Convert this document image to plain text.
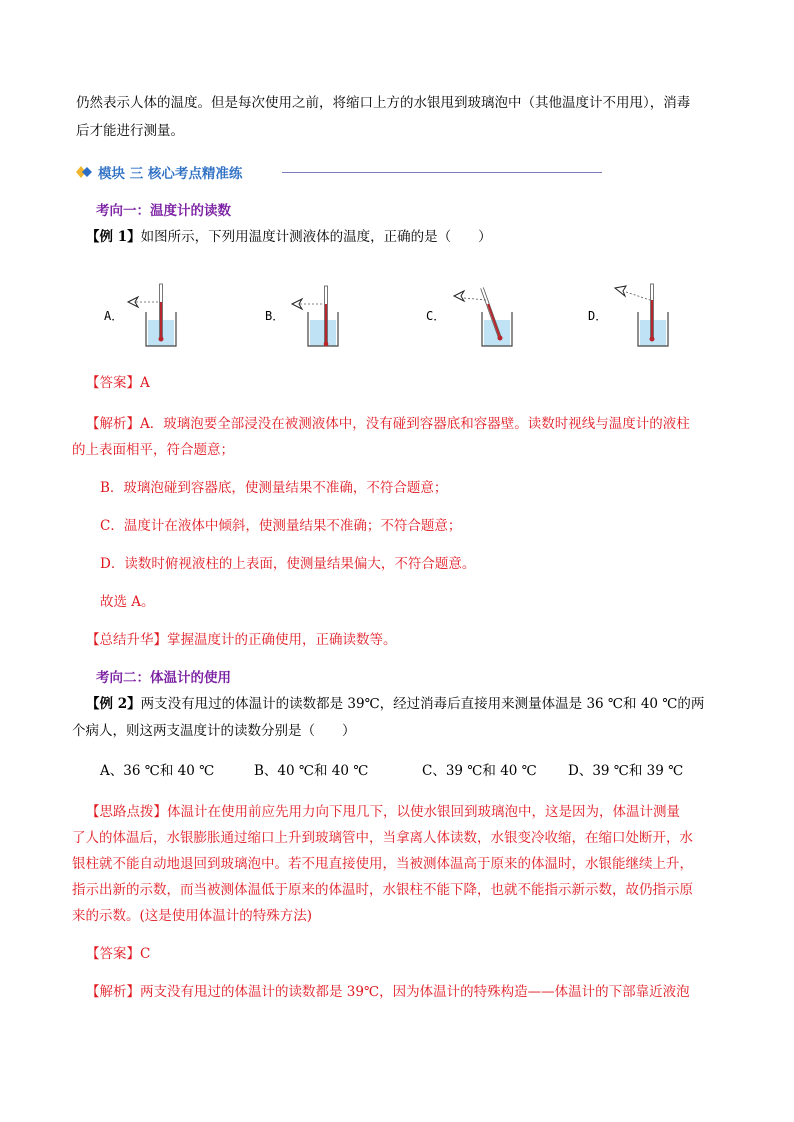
仍然表示人体的温度。但是每次使用之前，将缩口上方的水银甩到玻璃泡中（其他温度计不用甩），消毒
后才能进行测量。
模块 三 核心考点精准练
考向一：温度计的读数
【例 1】如图所示，下列用温度计测液体的温度，正确的是（　　）
A．	B．	C．	D．
【答案】A
【解析】A．玻璃泡要全部浸没在被测液体中，没有碰到容器底和容器壁。读数时视线与温度计的液柱
的上表面相平，符合题意；
B．玻璃泡碰到容器底，使测量结果不准确，不符合题意；
C．温度计在液体中倾斜，使测量结果不准确；不符合题意；
D．读数时俯视液柱的上表面，使测量结果偏大，不符合题意。
故选 A。
【总结升华】掌握温度计的正确使用，正确读数等。
考向二：体温计的使用
【例 2】两支没有甩过的体温计的读数都是 39℃，经过消毒后直接用来测量体温是 36 ℃和 40 ℃的两
个病人，则这两支温度计的读数分别是（　　）
A、36 ℃和 40 ℃	B、40 ℃和 40 ℃	C、39 ℃和 40 ℃ D、39 ℃和 39 ℃
【思路点拨】体温计在使用前应先用力向下甩几下，以使水银回到玻璃泡中，这是因为，体温计测量
了人的体温后，水银膨胀通过缩口上升到玻璃管中，当拿离人体读数，水银变冷收缩，在缩口处断开，水
银柱就不能自动地退回到玻璃泡中。若不甩直接使用，当被测体温高于原来的体温时，水银能继续上升，
指示出新的示数，而当被测体温低于原来的体温时，水银柱不能下降，也就不能指示新示数，故仍指示原
来的示数。(这是使用体温计的特殊方法)
【答案】C
【解析】两支没有甩过的体温计的读数都是 39℃，因为体温计的特殊构造——体温计的下部靠近液泡
